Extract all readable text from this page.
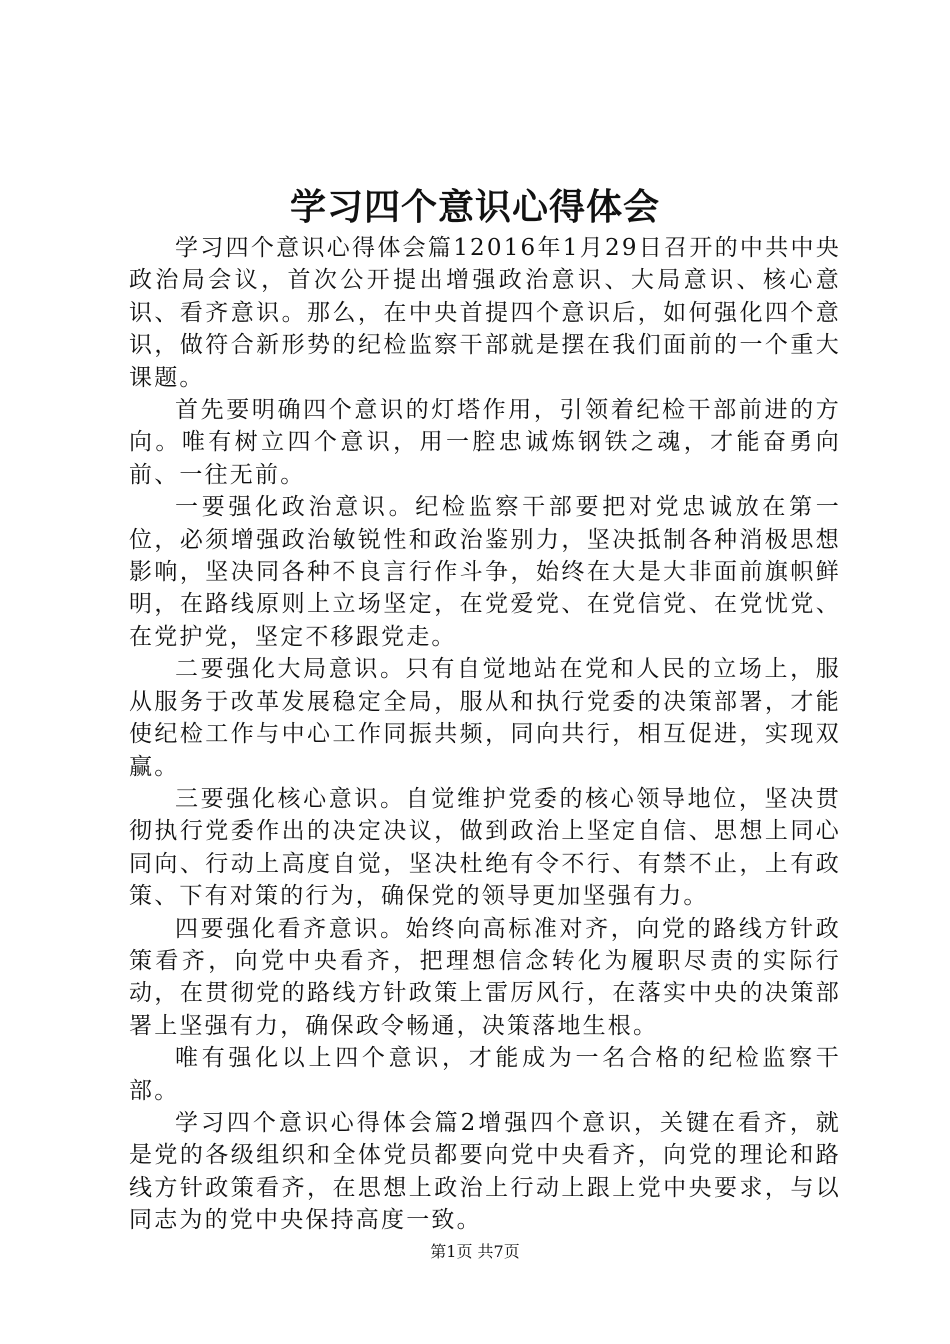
学习四个意识心得体会

学习四个意识心得体会篇12016年1月29日召开的中共中央政治局会议，首次公开提出增强政治意识、大局意识、核心意识、看齐意识。那么，在中央首提四个意识后，如何强化四个意识，做符合新形势的纪检监察干部就是摆在我们面前的一个重大课题。

首先要明确四个意识的灯塔作用，引领着纪检干部前进的方向。唯有树立四个意识，用一腔忠诚炼钢铁之魂，才能奋勇向前、一往无前。

一要强化政治意识。纪检监察干部要把对党忠诚放在第一位，必须增强政治敏锐性和政治鉴别力，坚决抵制各种消极思想影响，坚决同各种不良言行作斗争，始终在大是大非面前旗帜鲜明，在路线原则上立场坚定，在党爱党、在党信党、在党忧党、在党护党，坚定不移跟党走。

二要强化大局意识。只有自觉地站在党和人民的立场上，服从服务于改革发展稳定全局，服从和执行党委的决策部署，才能使纪检工作与中心工作同振共频，同向共行，相互促进，实现双赢。

三要强化核心意识。自觉维护党委的核心领导地位，坚决贯彻执行党委作出的决定决议，做到政治上坚定自信、思想上同心同向、行动上高度自觉，坚决杜绝有令不行、有禁不止，上有政策、下有对策的行为，确保党的领导更加坚强有力。

四要强化看齐意识。始终向高标准对齐，向党的路线方针政策看齐，向党中央看齐，把理想信念转化为履职尽责的实际行动，在贯彻党的路线方针政策上雷厉风行，在落实中央的决策部署上坚强有力，确保政令畅通，决策落地生根。

唯有强化以上四个意识，才能成为一名合格的纪检监察干部。

学习四个意识心得体会篇2增强四个意识，关键在看齐，就是党的各级组织和全体党员都要向党中央看齐，向党的理论和路线方针政策看齐，在思想上政治上行动上跟上党中央要求，与以同志为的党中央保持高度一致。

第1页 共7页
